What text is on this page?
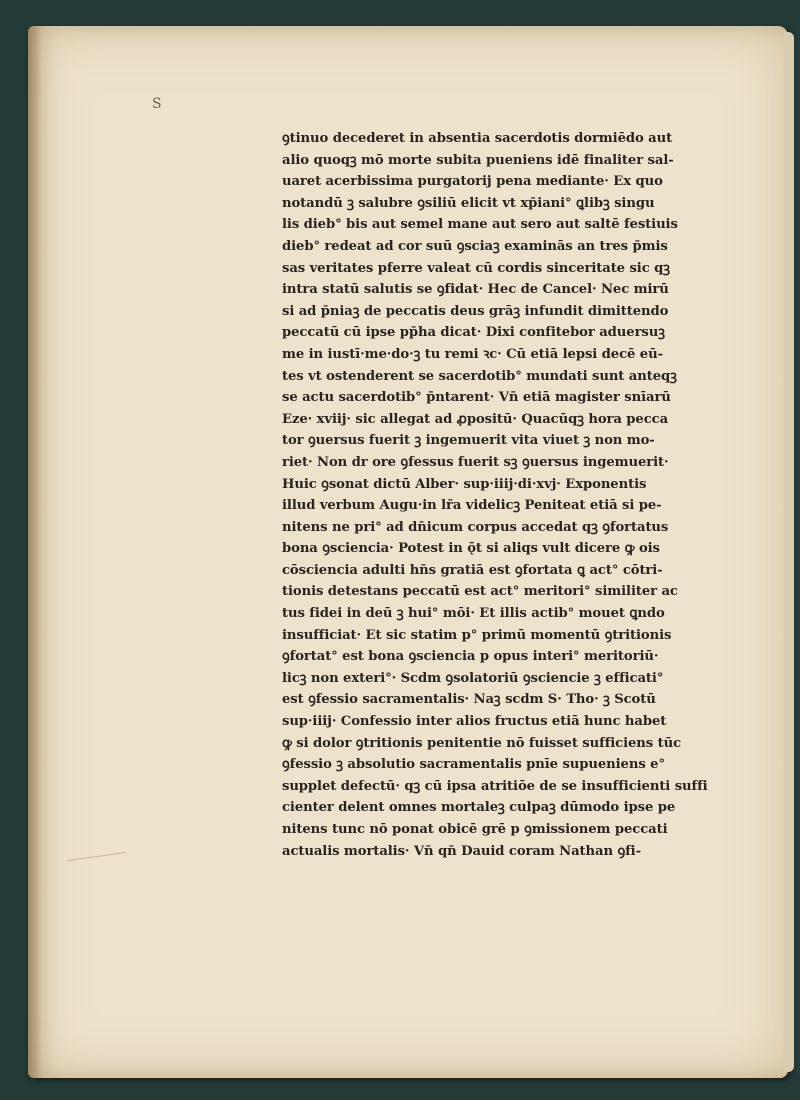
S
ꝯtinuo decederet in absentia sacerdotis dormiēdo aut
alio quoqꝫ mō morte subita pueniens idē finaliter sal-
uaret acerbissima purgatorij pena mediante· Ex quo
notandū ꝫ salubre ꝯsiliū elicit vt xp̄iani° ꝗlibꝫ singu
lis dieb° bis aut semel mane aut sero aut saltē festiuis
dieb° redeat ad cor suū ꝯsciaꝫ examinās an tres p̄mis
sas veritates pferre valeat cū cordis sinceritate sic qꝫ
intra statū salutis se ꝯfidat· Hec de Cancel· Nec mirū
si ad p̄niaꝫ de peccatis deus grāꝫ infundit dimittendo
peccatū cū ipse pp̄ha dicat· Dixi confitebor aduersuꝫ
me in iustī·me·do·ꝫ tu remi ꝛc· Cū etiā lepsi decē eū-
tes vt ostenderent se sacerdotib° mundati sunt anteqꝫ
se actu sacerdotib° p̄ntarent· Vn̄ etiā magister snīarū
Eze· xviij· sic allegat ad ꝓpositū· Quacūqꝫ hora pecca
tor ꝯuersus fuerit ꝫ ingemuerit vita viuet ꝫ non mo-
riet· Non dr ore ꝯfessus fuerit sꝫ ꝯuersus ingemuerit·
Huic ꝯsonat dictū Alber· sup·iiij·di·xvj· Exponentis
illud verbum Augu·in lr̄a videlicꝫ Peniteat etiā si pe-
nitens ne pri° ad dn̄icum corpus accedat qꝫ ꝯfortatus
bona ꝯsciencia· Potest in ǭt si aliqs vult dicere ꝙ ois
cōsciencia adulti hn̄s gratiā est ꝯfortata ꝗ act° cōtri-
tionis detestans peccatū est act° meritori° similiter ac
tus fidei in deū ꝫ hui° mōi· Et illis actib° mouet ꝗndo
insufficiat· Et sic statim p° primū momentū ꝯtritionis
ꝯfortat° est bona ꝯsciencia p opus interi° meritoriū·
licꝫ non exteri°· Scdm ꝯsolatoriū ꝯsciencie ꝫ efficati°
est ꝯfessio sacramentalis· Naꝫ scdm S· Tho· ꝫ Scotū
sup·iiij· Confessio inter alios fructus etiā hunc habet
ꝙ si dolor ꝯtritionis penitentie nō fuisset sufficiens tūc
ꝯfessio ꝫ absolutio sacramentalis pnīe supueniens e°
supplet defectū· qꝫ cū ipsa atritiōe de se insufficienti suffi
cienter delent omnes mortaleꝫ culpaꝫ dūmodo ipse pe
nitens tunc nō ponat obicē grē p ꝯmissionem peccati
actualis mortalis· Vn̄ qn̄ Dauid coram Nathan ꝯfi-
